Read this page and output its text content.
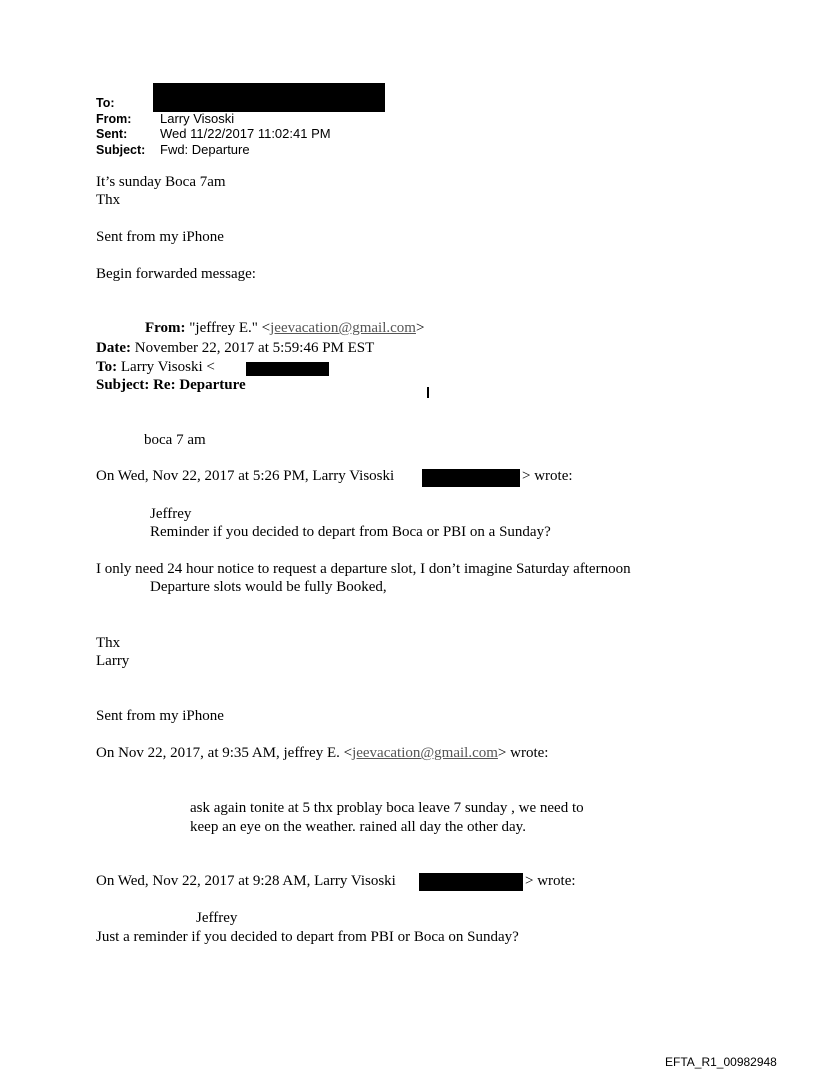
To:
From: Larry Visoski
Sent:	Wed 11/22/2017 11:02:41 PM
Subject: Fwd: Departure
It’s sunday Boca 7am
Thx
Sent from my iPhone
Begin forwarded message:
From: "jeffrey E." <jeevacation@gmail.com>
Date: November 22, 2017 at 5:59:46 PM EST
To: Larry Visoski <
Subject: Re: Departure
boca 7 am
On Wed, Nov 22, 2017 at 5:26 PM, Larry Visoski	> wrote:
Jeffrey
Reminder if you decided to depart from Boca or PBI on a Sunday?
I only need 24 hour notice to request a departure slot, I don’t imagine Saturday afternoon
Departure slots would be fully Booked,
Thx
Larry
Sent from my iPhone
On Nov 22, 2017, at 9:35 AM, jeffrey E. <jeevacation@gmail.com> wrote:
ask again tonite at 5 thx problay boca leave 7 sunday , we need to
keep an eye on the weather. rained all day the other day.
On Wed, Nov 22, 2017 at 9:28 AM, Larry Visoski	> wrote:
Jeffrey
Just a reminder if you decided to depart from PBI or Boca on Sunday?
EFTA_R1_00982948
